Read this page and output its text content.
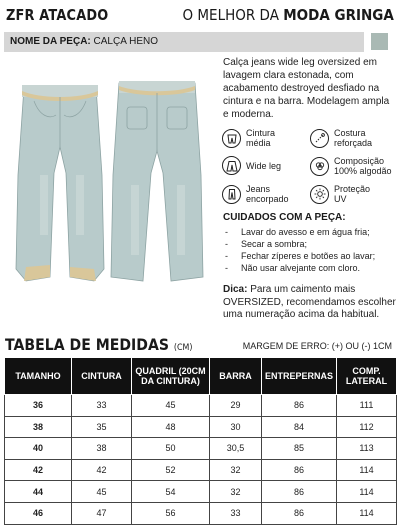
ZFR ATACADO	O MELHOR DA MODA GRINGA
NOME DA PEÇA: CALÇA HENO
Calça jeans wide leg oversized em lavagem clara estonada, com acabamento destroyed desfiado na cintura e na barra. Modelagem ampla e moderna.
Cintura média
Costura reforçada
Wide leg	Composição 100% algodão
Jeans encorpado
Proteção UV
CUIDADOS COM A PEÇA:
- Lavar do avesso e em água fria;
- Secar a sombra;
- Fechar zíperes e botões ao lavar;
- Não usar alvejante com cloro.
Dica: Para um caimento mais OVERSIZED, recomendamos escolher uma numeração acima da habitual.
TABELA DE MEDIDAS (CM)	MARGEM DE ERRO: (+) OU (-) 1CM
TAMANHO	CINTURA	QUADRIL (20CM DA CINTURA)	BARRA	ENTREPERNAS	COMP. LATERAL
36	33	45	29	86	111
38	35	48	30	84	112
40	38	50	30,5	85	113
42	42	52	32	86	114
44	45	54	32	86	114
46	47	56	33	86	114
